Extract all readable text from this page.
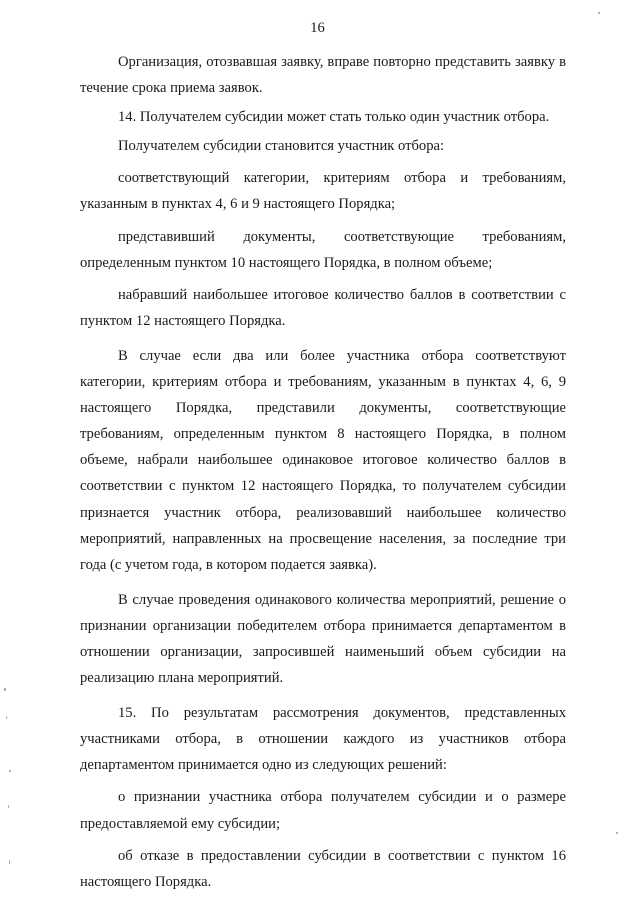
16

Организация, отозвавшая заявку, вправе повторно представить заявку в течение срока приема заявок.

14. Получателем субсидии может стать только один участник отбора.

Получателем субсидии становится участник отбора:

соответствующий категории, критериям отбора и требованиям, указанным в пунктах 4, 6 и 9 настоящего Порядка;

представивший документы, соответствующие требованиям, определенным пунктом 10 настоящего Порядка, в полном объеме;

набравший наибольшее итоговое количество баллов в соответствии с пунктом 12 настоящего Порядка.

В случае если два или более участника отбора соответствуют категории, критериям отбора и требованиям, указанным в пунктах 4, 6, 9 настоящего Порядка, представили документы, соответствующие требованиям, определенным пунктом 8 настоящего Порядка, в полном объеме, набрали наибольшее одинаковое итоговое количество баллов в соответствии с пунктом 12 настоящего Порядка, то получателем субсидии признается участник отбора, реализовавший наибольшее количество мероприятий, направленных на просвещение населения, за последние три года (с учетом года, в котором подается заявка).

В случае проведения одинакового количества мероприятий, решение о признании организации победителем отбора принимается департаментом в отношении организации, запросившей наименьший объем субсидии на реализацию плана мероприятий.

15. По результатам рассмотрения документов, представленных участниками отбора, в отношении каждого из участников отбора департаментом принимается одно из следующих решений:

о признании участника отбора получателем субсидии и о размере предоставляемой ему субсидии;

об отказе в предоставлении субсидии в соответствии с пунктом 16 настоящего Порядка.
